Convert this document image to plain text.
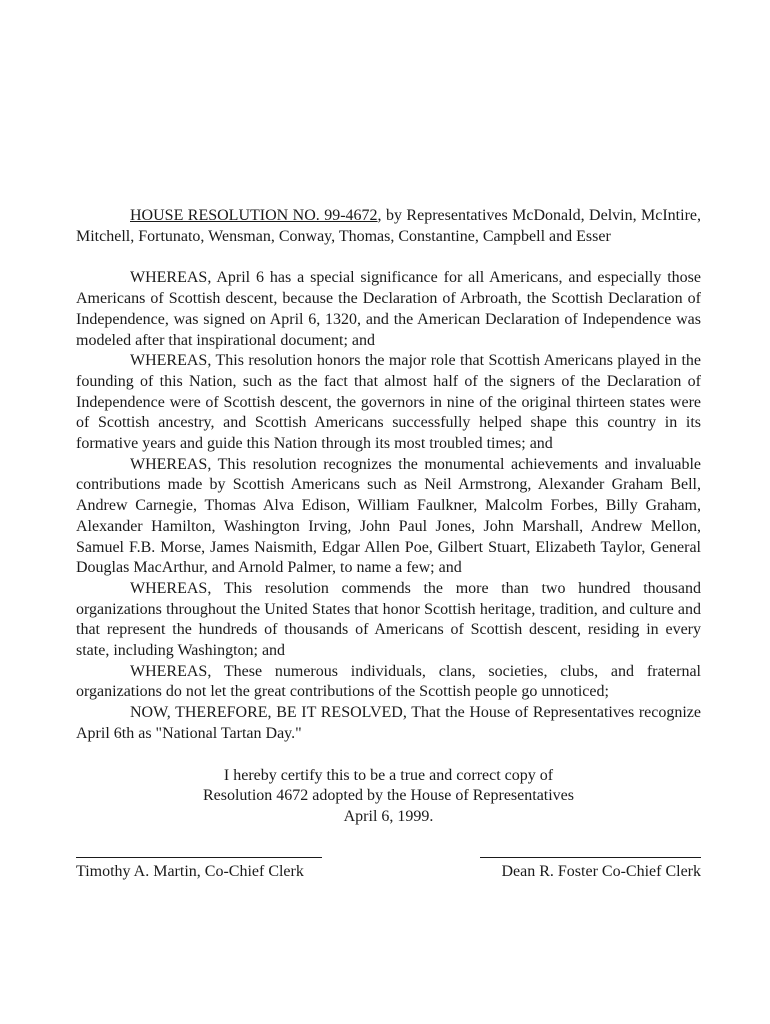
HOUSE RESOLUTION NO. 99-4672, by Representatives McDonald, Delvin, McIntire, Mitchell, Fortunato, Wensman, Conway, Thomas, Constantine, Campbell and Esser

WHEREAS, April 6 has a special significance for all Americans, and especially those Americans of Scottish descent, because the Declaration of Arbroath, the Scottish Declaration of Independence, was signed on April 6, 1320, and the American Declaration of Independence was modeled after that inspirational document; and

WHEREAS, This resolution honors the major role that Scottish Americans played in the founding of this Nation, such as the fact that almost half of the signers of the Declaration of Independence were of Scottish descent, the governors in nine of the original thirteen states were of Scottish ancestry, and Scottish Americans successfully helped shape this country in its formative years and guide this Nation through its most troubled times; and

WHEREAS, This resolution recognizes the monumental achievements and invaluable contributions made by Scottish Americans such as Neil Armstrong, Alexander Graham Bell, Andrew Carnegie, Thomas Alva Edison, William Faulkner, Malcolm Forbes, Billy Graham, Alexander Hamilton, Washington Irving, John Paul Jones, John Marshall, Andrew Mellon, Samuel F.B. Morse, James Naismith, Edgar Allen Poe, Gilbert Stuart, Elizabeth Taylor, General Douglas MacArthur, and Arnold Palmer, to name a few; and

WHEREAS, This resolution commends the more than two hundred thousand organizations throughout the United States that honor Scottish heritage, tradition, and culture and that represent the hundreds of thousands of Americans of Scottish descent, residing in every state, including Washington; and

WHEREAS, These numerous individuals, clans, societies, clubs, and fraternal organizations do not let the great contributions of the Scottish people go unnoticed;

NOW, THEREFORE, BE IT RESOLVED, That the House of Representatives recognize April 6th as "National Tartan Day."

I hereby certify this to be a true and correct copy of
Resolution 4672 adopted by the House of Representatives
April 6, 1999.
Timothy A. Martin, Co-Chief Clerk	Dean R. Foster Co-Chief Clerk
